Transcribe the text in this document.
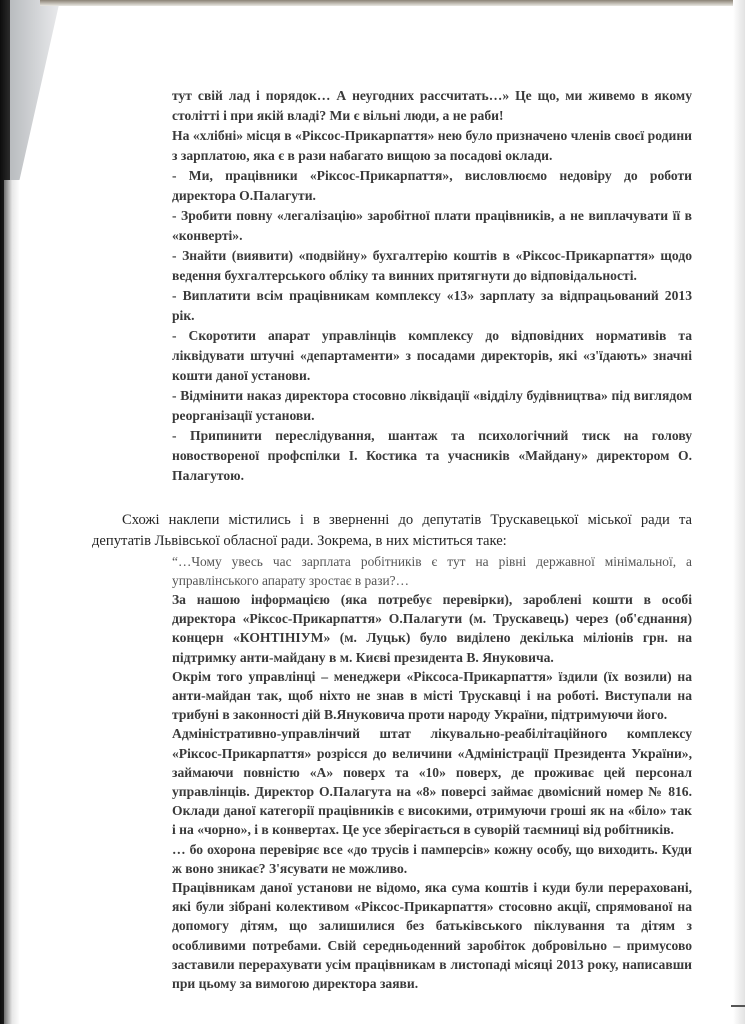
тут свій лад і порядок… А неугодних рассчитать…» Це що, ми живемо в якому столітті і при якій владі? Ми є вільні люди, а не раби!

На «хлібні» місця в «Ріксос-Прикарпаття» нею було призначено членів своєї родини з зарплатою, яка є в рази набагато вищою за посадові оклади.

- Ми, працівники «Ріксос-Прикарпаття», висловлюємо недовіру до роботи директора О.Палагути.

- Зробити повну «легалізацію» заробітної плати працівників, а не виплачувати її в «конверті».

- Знайти (виявити) «подвійну» бухгалтерію коштів в «Ріксос-Прикарпаття» щодо ведення бухгалтерського обліку та винних притягнути до відповідальності.

- Виплатити всім працівникам комплексу «13» зарплату за відпрацьований 2013 рік.

- Скоротити апарат управлінців комплексу до відповідних нормативів та ліквідувати штучні «департаменти» з посадами директорів, які «з'їдають» значні кошти даної установи.

- Відмінити наказ директора стосовно ліквідації «відділу будівництва» під виглядом реорганізації установи.

- Припинити переслідування, шантаж та психологічний тиск на голову новоствореної профспілки І. Костика та учасників «Майдану» директором О. Палагутою.

Схожі наклепи містились і в зверненні до депутатів Трускавецької міської ради та депутатів Львівської обласної ради. Зокрема, в них міститься таке:

“…Чому увесь час зарплата робітників є тут на рівні державної мінімальної, а управлінського апарату зростає в рази?…

За нашою інформацією (яка потребує перевірки), зароблені кошти в особі директора «Ріксос-Прикарпаття» О.Палагути (м. Трускавець) через (об'єднання) концерн «КОНТІНІУМ» (м. Луцьк) було виділено декілька міліонів грн. на підтримку анти-майдану в м. Києві президента В. Януковича.

Окрім того управлінці – менеджери «Ріксоса-Прикарпаття» їздили (їх возили) на анти-майдан так, щоб ніхто не знав в місті Трускавці і на роботі. Виступали на трибуні в законності дій В.Януковича проти народу України, підтримуючи його.

Адміністративно-управлінчий штат лікувально-реабілітаційного комплексу «Ріксос-Прикарпаття» розрісся до величини «Адміністрації Президента України», займаючи повністю «А» поверх та «10» поверх, де проживає цей персонал управлінців. Директор О.Палагута на «8» поверсі займає двомісний номер № 816. Оклади даної категорії працівників є високими, отримуючи гроші як на «біло» так і на «чорно», і в конвертах. Це усе зберігається в суворій таємниці від робітників.

… бо охорона перевіряє все «до трусів і памперсів» кожну особу, що виходить. Куди ж воно зникає? З'ясувати не можливо.

Працівникам даної установи не відомо, яка сума коштів і куди були перераховані, які були зібрані колективом «Ріксос-Прикарпаття» стосовно акції, спрямованої на допомогу дітям, що залишилися без батьківського піклування та дітям з особливими потребами. Свій середньоденний заробіток добровільно – примусово заставили перерахувати усім працівникам в листопаді місяці 2013 року, написавши при цьому за вимогою директора заяви.
